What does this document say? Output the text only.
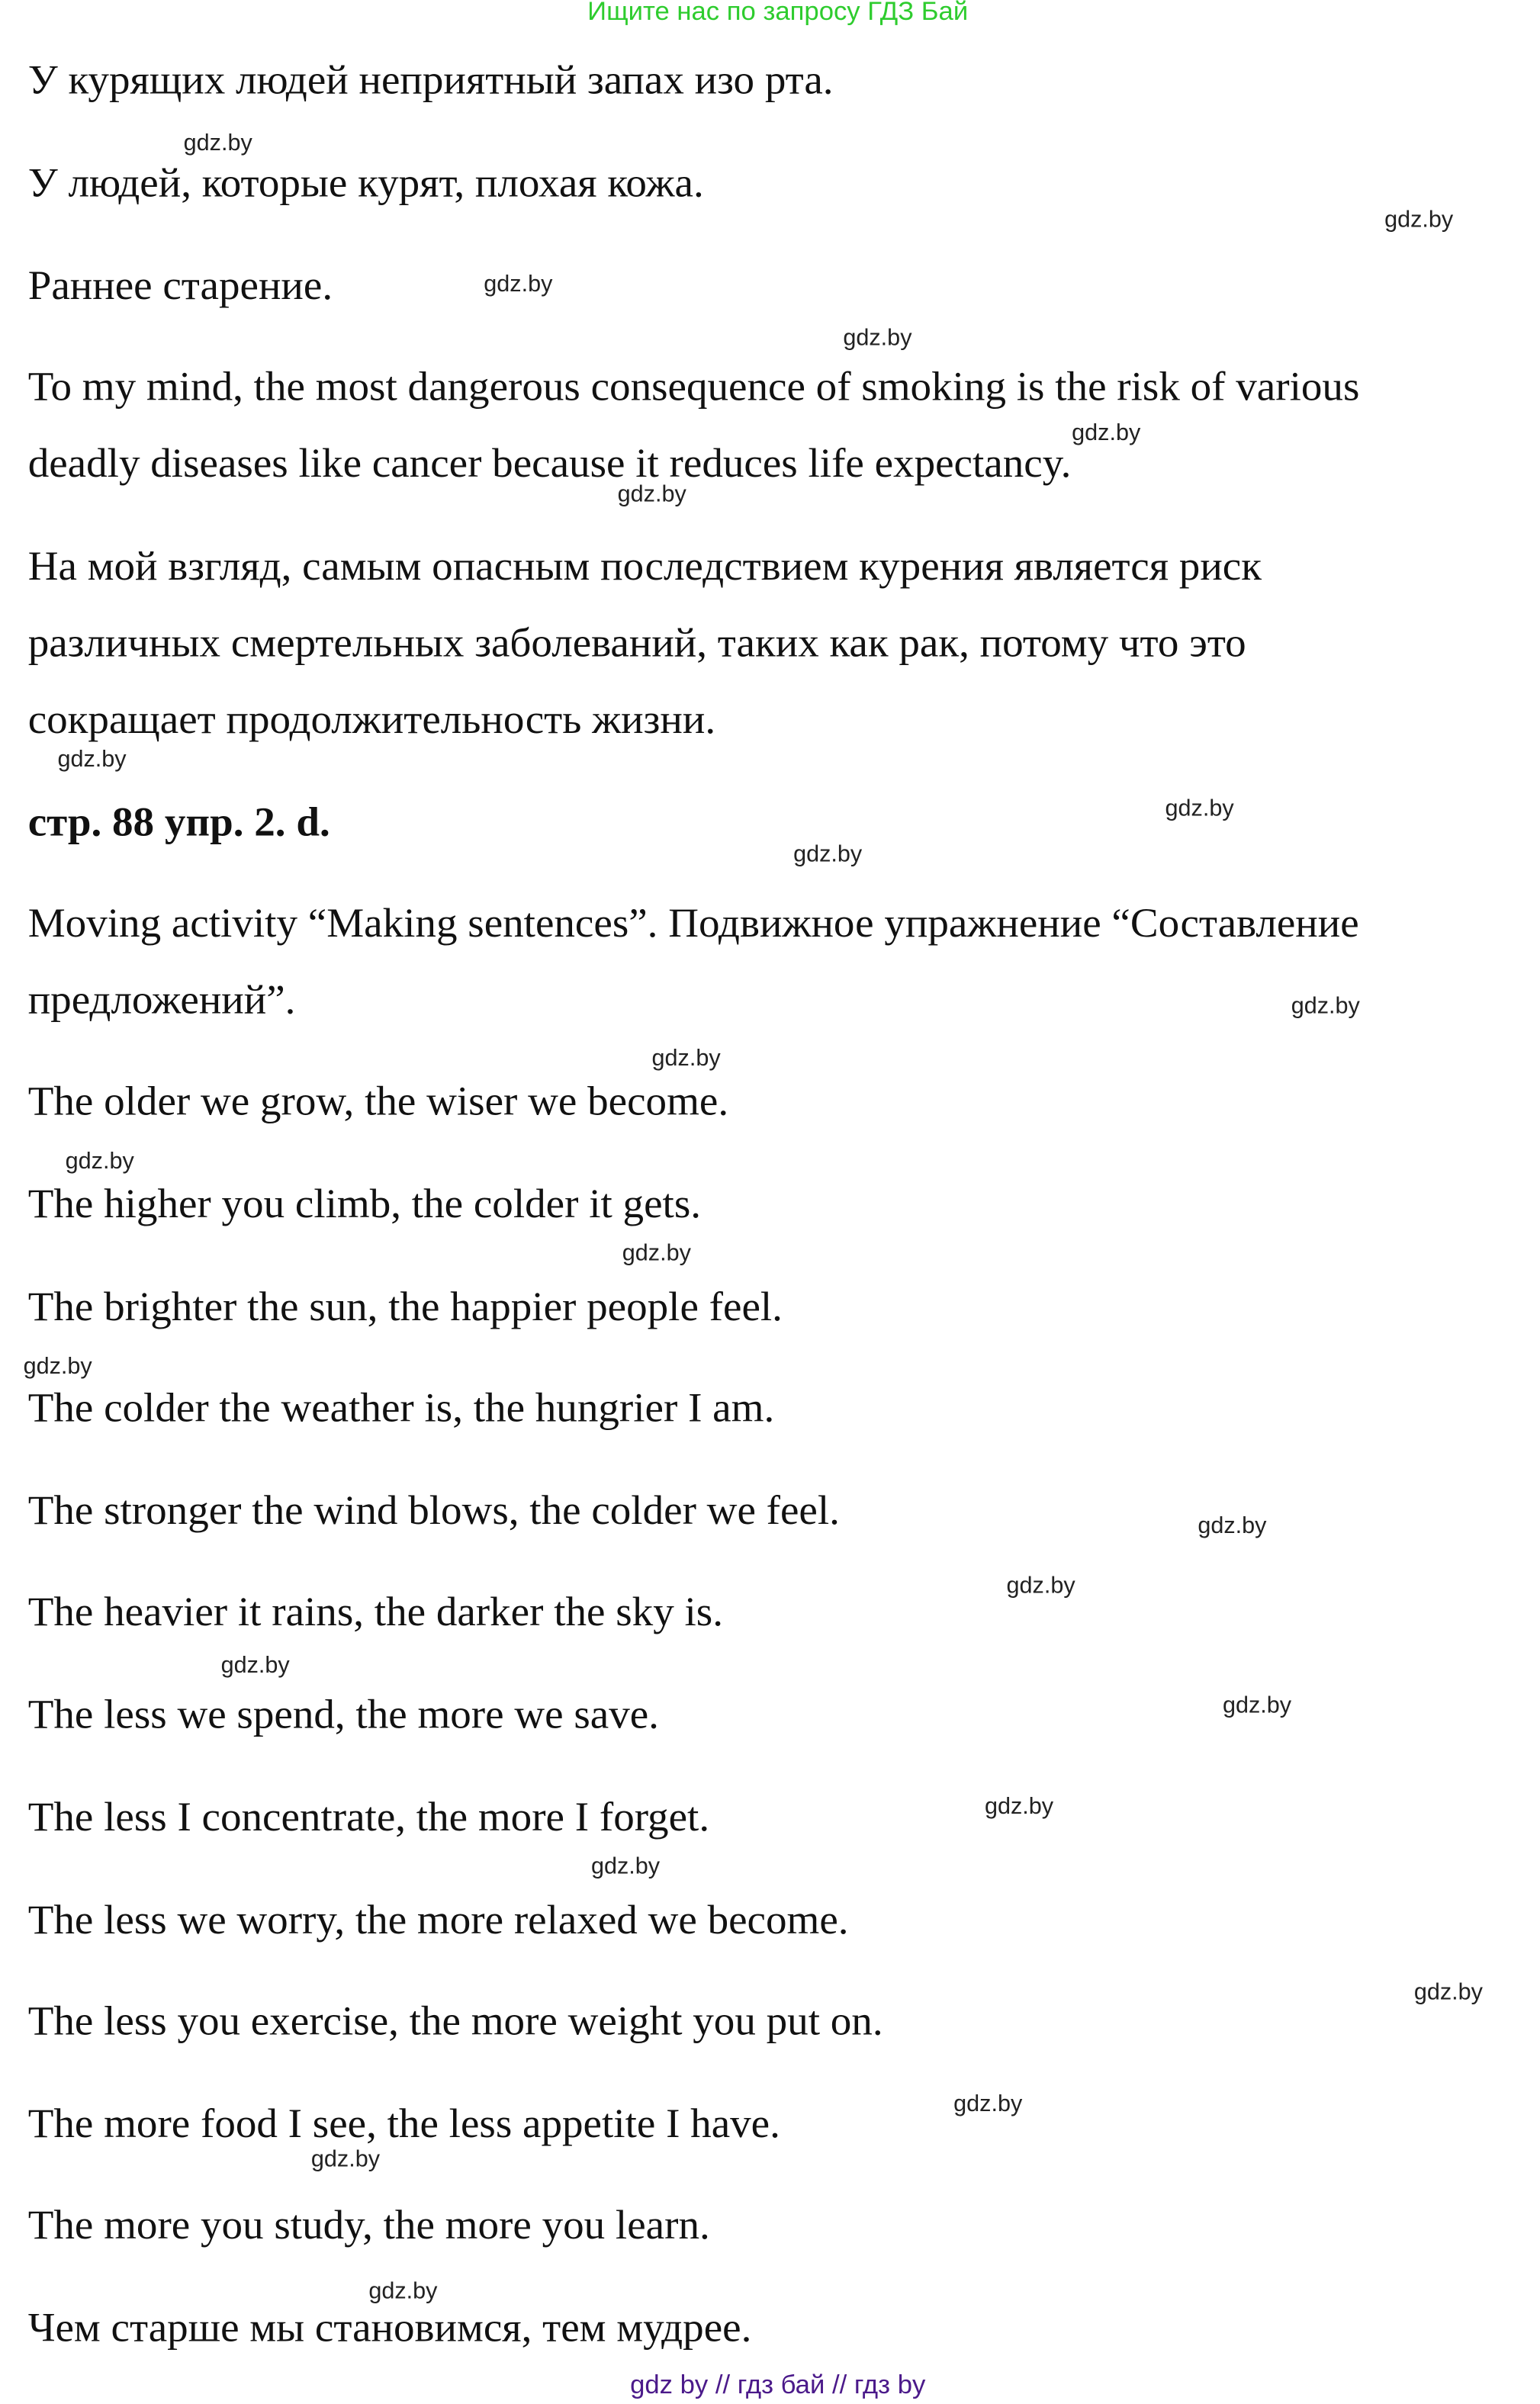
Ищите нас по запросу ГДЗ Бай
У курящих людей неприятный запах изо рта.
У людей, которые курят, плохая кожа.
Раннее старение.
To my mind, the most dangerous consequence of smoking is the risk of various
deadly diseases like cancer because it reduces life expectancy.
На мой взгляд, самым опасным последствием курения является риск
различных смертельных заболеваний, таких как рак, потому что это
сокращает продолжительность жизни.
стр. 88 упр. 2. d.
Moving activity “Making sentences”. Подвижное упражнение “Составление
предложений”.
The older we grow, the wiser we become.
The higher you climb, the colder it gets.
The brighter the sun, the happier people feel.
The colder the weather is, the hungrier I am.
The stronger the wind blows, the colder we feel.
The heavier it rains, the darker the sky is.
The less we spend, the more we save.
The less I concentrate, the more I forget.
The less we worry, the more relaxed we become.
The less you exercise, the more weight you put on.
The more food I see, the less appetite I have.
The more you study, the more you learn.
Чем старше мы становимся, тем мудрее.
gdz.by
gdz.by
gdz.by
gdz.by
gdz.by
gdz.by
gdz.by
gdz.by
gdz.by
gdz.by
gdz.by
gdz.by
gdz.by
gdz.by
gdz.by
gdz.by
gdz.by
gdz.by
gdz.by
gdz.by
gdz.by
gdz.by
gdz.by
gdz.by
gdz by // гдз бай // гдз by
